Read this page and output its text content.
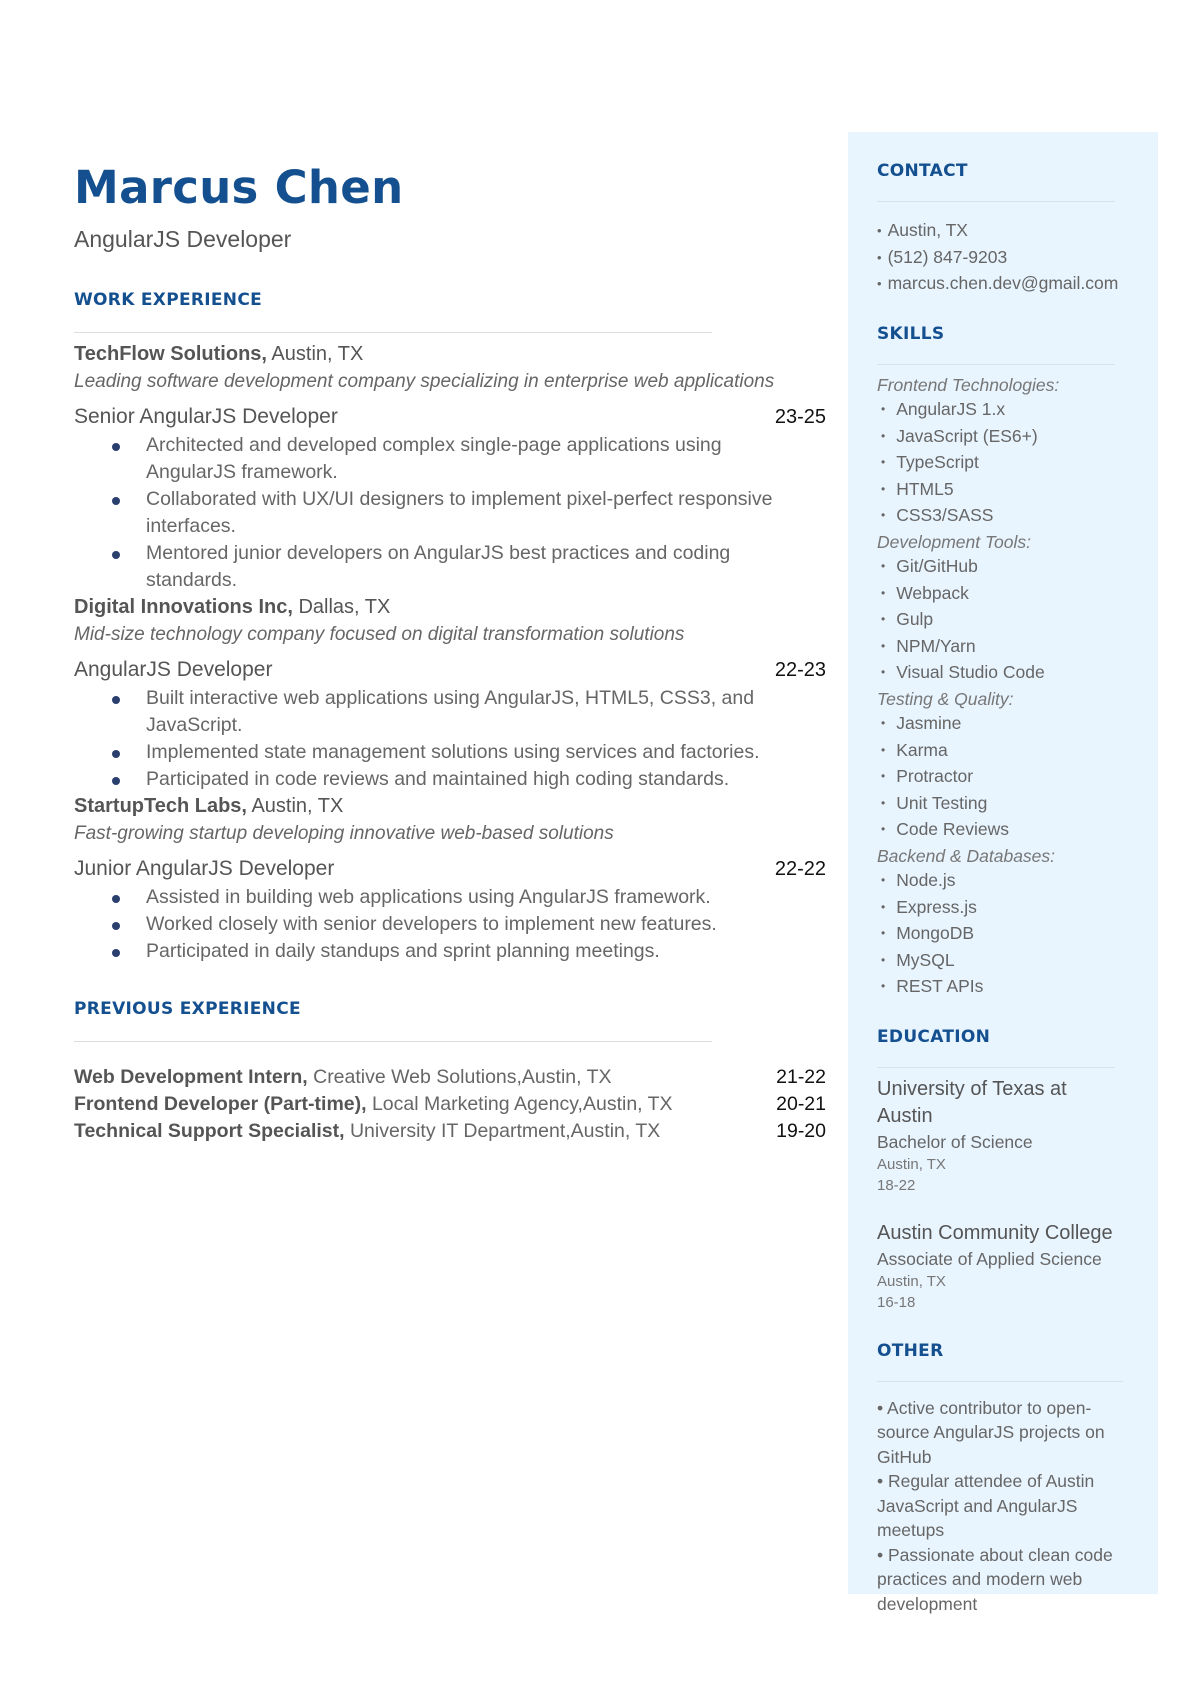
Marcus Chen
AngularJS Developer
WORK EXPERIENCE
TechFlow Solutions, Austin, TX
Leading software development company specializing in enterprise web applications
Senior AngularJS Developer	23-25
Architected and developed complex single-page applications using AngularJS framework.
Collaborated with UX/UI designers to implement pixel-perfect responsive interfaces.
Mentored junior developers on AngularJS best practices and coding standards.
Digital Innovations Inc, Dallas, TX
Mid-size technology company focused on digital transformation solutions
AngularJS Developer	22-23
Built interactive web applications using AngularJS, HTML5, CSS3, and JavaScript.
Implemented state management solutions using services and factories.
Participated in code reviews and maintained high coding standards.
StartupTech Labs, Austin, TX
Fast-growing startup developing innovative web-based solutions
Junior AngularJS Developer	22-22
Assisted in building web applications using AngularJS framework.
Worked closely with senior developers to implement new features.
Participated in daily standups and sprint planning meetings.
PREVIOUS EXPERIENCE
Web Development Intern, Creative Web Solutions,Austin, TX	21-22
Frontend Developer (Part-time), Local Marketing Agency,Austin, TX	20-21
Technical Support Specialist, University IT Department,Austin, TX	19-20
CONTACT
• Austin, TX
• (512) 847-9203
• marcus.chen.dev@gmail.com
SKILLS
Frontend Technologies:
• AngularJS 1.x
• JavaScript (ES6+)
• TypeScript
• HTML5
• CSS3/SASS
Development Tools:
• Git/GitHub
• Webpack
• Gulp
• NPM/Yarn
• Visual Studio Code
Testing & Quality:
• Jasmine
• Karma
• Protractor
• Unit Testing
• Code Reviews
Backend & Databases:
• Node.js
• Express.js
• MongoDB
• MySQL
• REST APIs
EDUCATION
University of Texas at Austin
Bachelor of Science
Austin, TX
18-22
Austin Community College
Associate of Applied Science
Austin, TX
16-18
OTHER

• Active contributor to open-source AngularJS projects on GitHub

• Regular attendee of Austin JavaScript and AngularJS meetups

• Passionate about clean code practices and modern web development
